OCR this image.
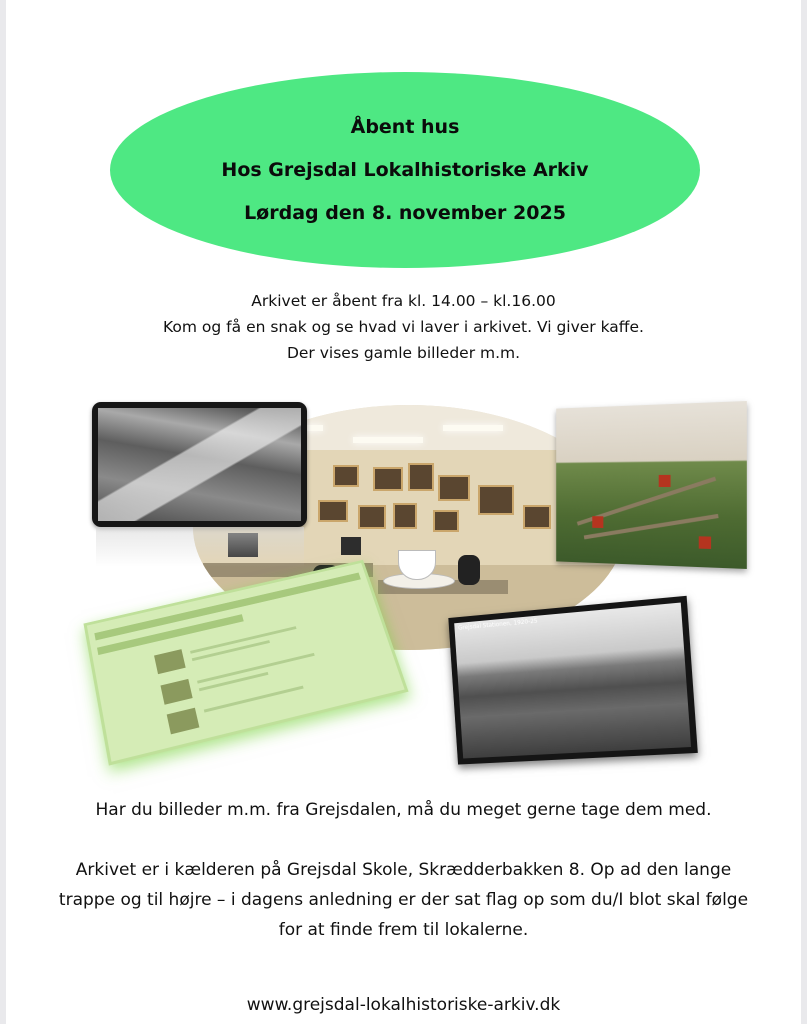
Åbent hus
Hos Grejsdal Lokalhistoriske Arkiv
Lørdag den 8. november 2025
Arkivet er åbent fra kl. 14.00 – kl.16.00
Kom og få en snak og se hvad vi laver i arkivet. Vi giver kaffe.
Der vises gamle billeder m.m.
Grejsdal Stationen, 1920-25
Har du billeder m.m. fra Grejsdalen, må du meget gerne tage dem med.
Arkivet er i kælderen på Grejsdal Skole, Skrædderbakken 8. Op ad den lange
trappe og til højre – i dagens anledning er der sat flag op som du/I blot skal følge
for at finde frem til lokalerne.
www.grejsdal-lokalhistoriske-arkiv.dk
